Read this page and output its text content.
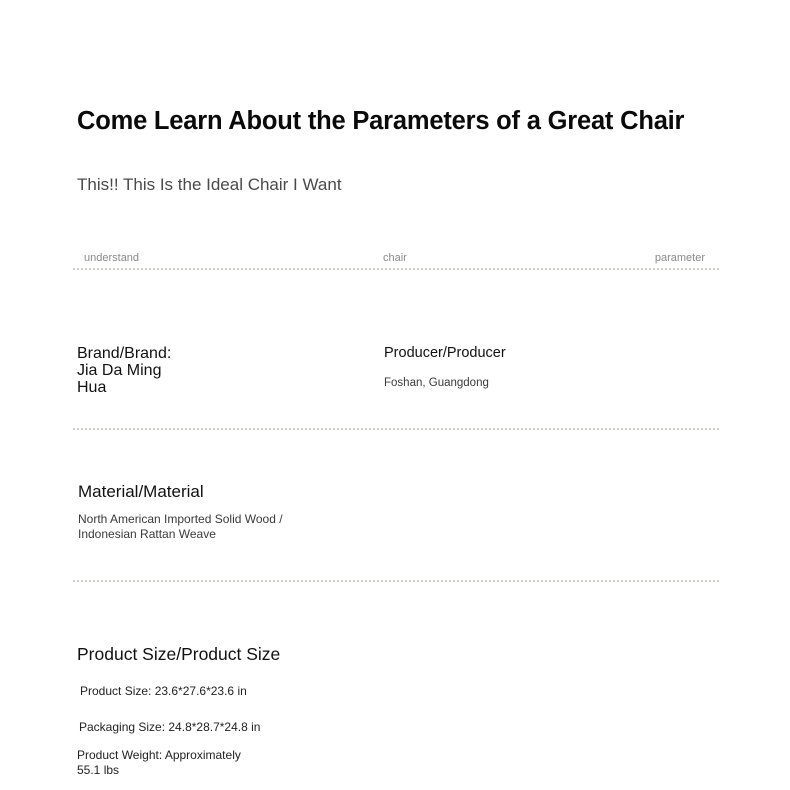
Come Learn About the Parameters of a Great Chair
This!! This Is the Ideal Chair I Want
understand	chair	parameter
Brand/Brand: Jia Da Ming Hua
Producer/Producer
Foshan, Guangdong
Material/Material
North American Imported Solid Wood / Indonesian Rattan Weave
Product Size/Product Size
Product Size: 23.6*27.6*23.6 in
Packaging Size: 24.8*28.7*24.8 in
Product Weight: Approximately 55.1 lbs
